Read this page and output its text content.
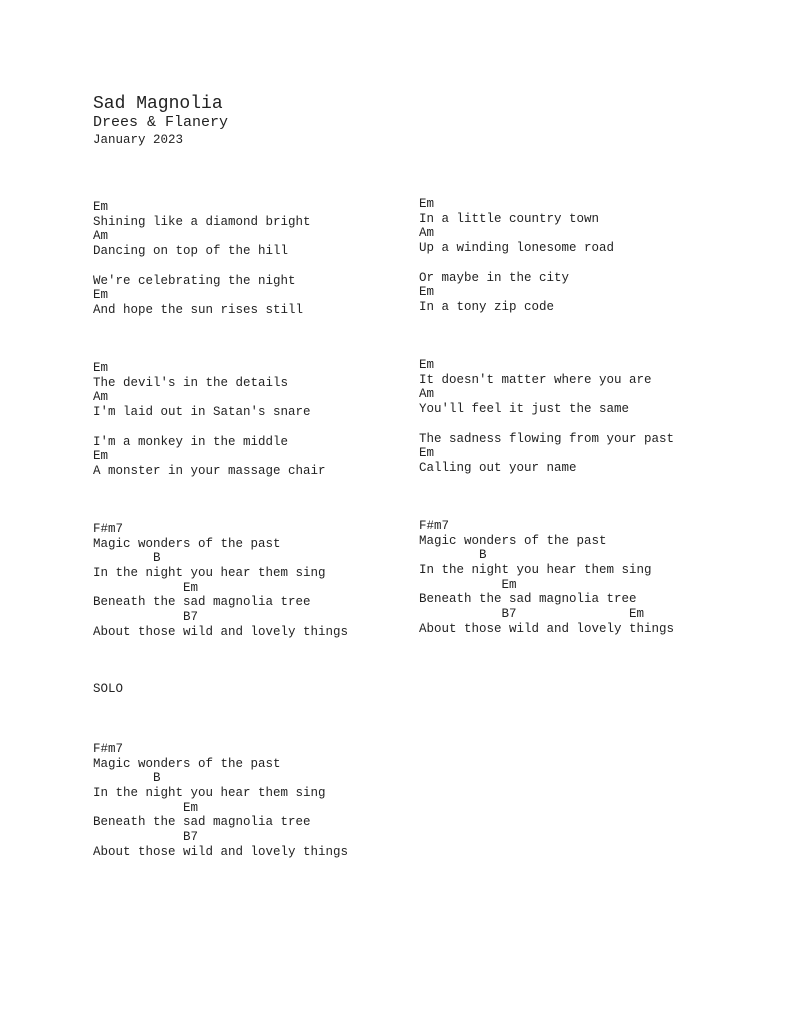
Sad Magnolia
Drees & Flanery
January 2023
Em
Shining like a diamond bright
Am
Dancing on top of the hill
We're celebrating the night
Em
And hope the sun rises still
Em
In a little country town
Am
Up a winding lonesome road
Or maybe in the city
Em
In a tony zip code
Em
The devil's in the details
Am
I'm laid out in Satan's snare
I'm a monkey in the middle
Em
A monster in your massage chair
Em
It doesn't matter where you are
Am
You'll feel it just the same
The sadness flowing from your past
Em
Calling out your name
F#m7
Magic wonders of the past
B
In the night you hear them sing
Em
Beneath the sad magnolia tree
B7
About those wild and lovely things
F#m7
Magic wonders of the past
B
In the night you hear them sing
Em
Beneath the sad magnolia tree
B7               Em
About those wild and lovely things
SOLO
F#m7
Magic wonders of the past
B
In the night you hear them sing
Em
Beneath the sad magnolia tree
B7
About those wild and lovely things
